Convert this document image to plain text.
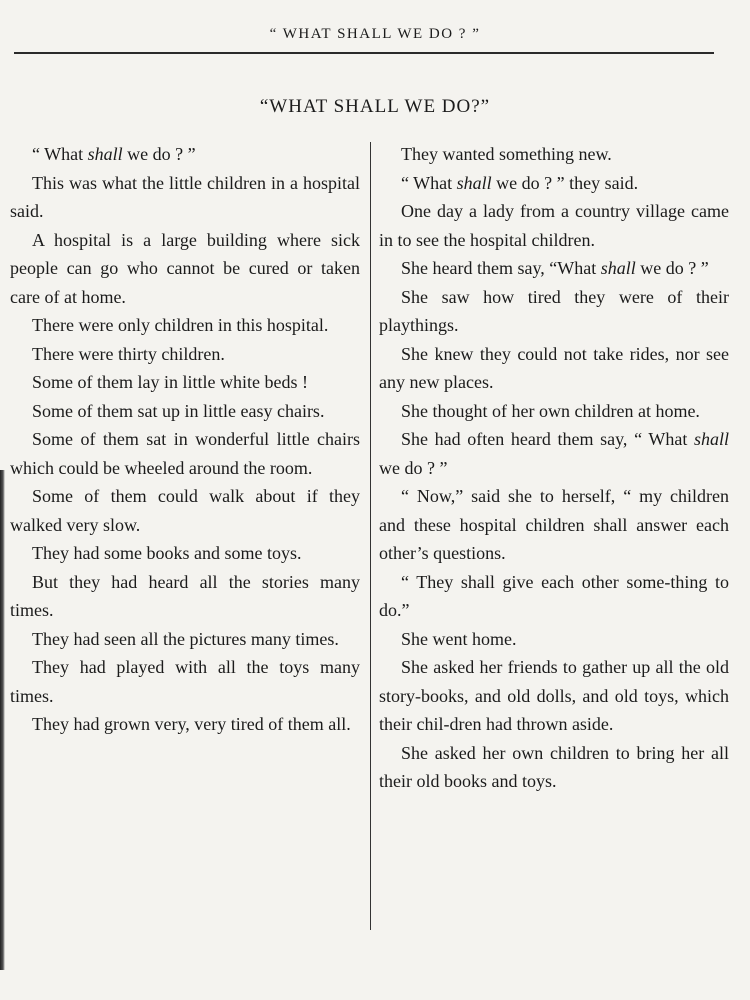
“ WHAT SHALL WE DO ? ”
“WHAT SHALL WE DO?”

“ What shall we do ? ”

This was what the little children in a hospital said.

A hospital is a large building where sick people can go who cannot be cured or taken care of at home.

There were only children in this hospital.

There were thirty children.

Some of them lay in little white beds !

Some of them sat up in little easy chairs.

Some of them sat in wonderful little chairs which could be wheeled around the room.

Some of them could walk about if they walked very slow.

They had some books and some toys.

But they had heard all the stories many times.

They had seen all the pictures many times.

They had played with all the toys many times.

They had grown very, very tired of them all.

They wanted something new.

“ What shall we do ? ” they said.

One day a lady from a country village came in to see the hospital children.

She heard them say, “What shall we do ? ”

She saw how tired they were of their playthings.

She knew they could not take rides, nor see any new places.

She thought of her own children at home.

She had often heard them say, “ What shall we do ? ”

“ Now,” said she to herself, “ my children and these hospital children shall answer each other’s questions.

“ They shall give each other some-thing to do.”

She went home.

She asked her friends to gather up all the old story-books, and old dolls, and old toys, which their chil-dren had thrown aside.

She asked her own children to bring her all their old books and toys.
